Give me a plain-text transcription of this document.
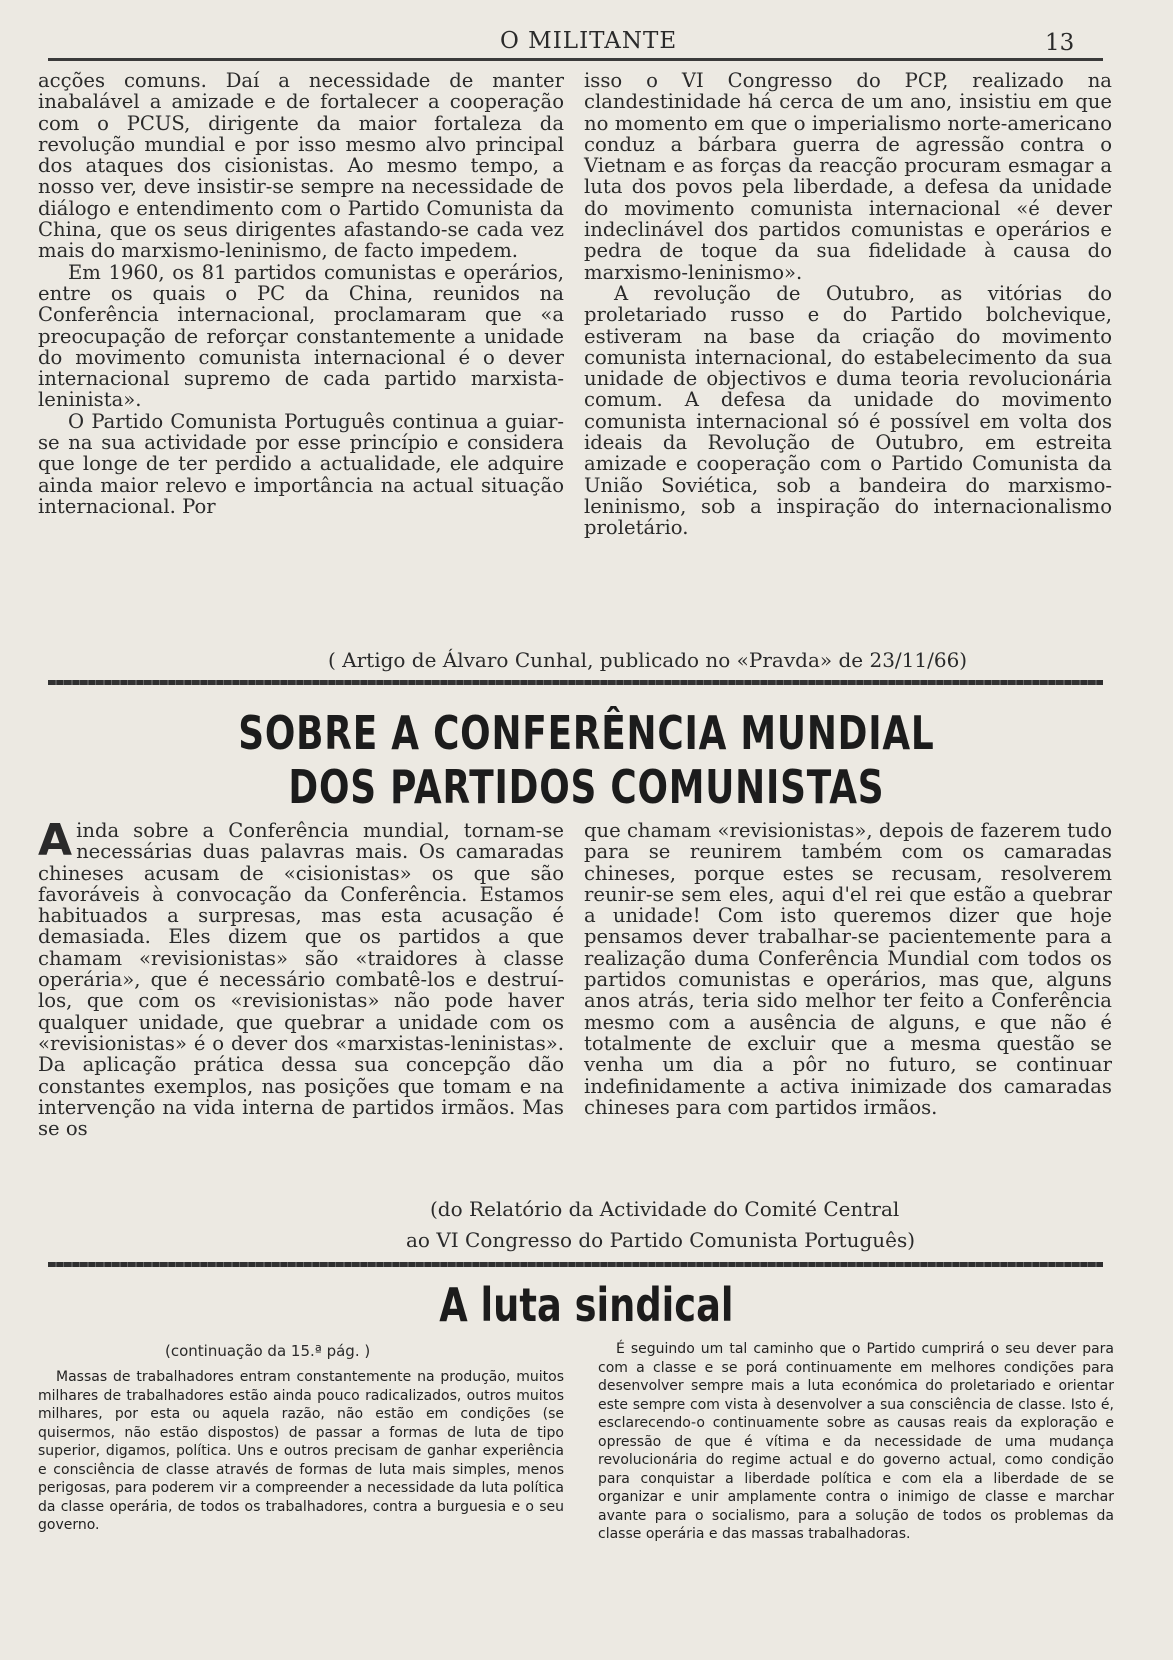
O MILITANTE	13

acções comuns. Daí a necessidade de manter inabalável a amizade e de fortalecer a cooperação com o PCUS, dirigente da maior fortaleza da revolução mundial e por isso mesmo alvo principal dos ataques dos cisionistas. Ao mesmo tempo, a nosso ver, deve insistir-se sempre na necessidade de diálogo e entendimento com o Partido Comunista da China, que os seus dirigentes afastando-se cada vez mais do marxismo-leninismo, de facto impedem.

Em 1960, os 81 partidos comunistas e operários, entre os quais o PC da China, reunidos na Conferência internacional, proclamaram que «a preocupação de reforçar constantemente a unidade do movimento comunista internacional é o dever internacional supremo de cada partido marxista-leninista».

O Partido Comunista Português continua a guiar-se na sua actividade por esse princípio e considera que longe de ter perdido a actualidade, ele adquire ainda maior relevo e importância na actual situação internacional. Por

isso o VI Congresso do PCP, realizado na clandestinidade há cerca de um ano, insistiu em que no momento em que o imperialismo norte-americano conduz a bárbara guerra de agressão contra o Vietnam e as forças da reacção procuram esmagar a luta dos povos pela liberdade, a defesa da unidade do movimento comunista internacional «é dever indeclinável dos partidos comunistas e operários e pedra de toque da sua fidelidade à causa do marxismo-leninismo».

A revolução de Outubro, as vitórias do proletariado russo e do Partido bolchevique, estiveram na base da criação do movimento comunista internacional, do estabelecimento da sua unidade de objectivos e duma teoria revolucionária comum. A defesa da unidade do movimento comunista internacional só é possível em volta dos ideais da Revolução de Outubro, em estreita amizade e cooperação com o Partido Comunista da União Soviética, sob a bandeira do marxismo-leninismo, sob a inspiração do internacionalismo proletário.

( Artigo de Álvaro Cunhal, publicado no «Pravda» de 23/11/66)
SOBRE A CONFERÊNCIA MUNDIAL
DOS PARTIDOS COMUNISTAS

Ainda sobre a Conferência mundial, tornam-se necessárias duas palavras mais. Os camaradas chineses acusam de «cisionistas» os que são favoráveis à convocação da Conferência. Estamos habituados a surpresas, mas esta acusação é demasiada. Eles dizem que os partidos a que chamam «revisionistas» são «traidores à classe operária», que é necessário combatê-los e destruí-los, que com os «revisionistas» não pode haver qualquer unidade, que quebrar a unidade com os «revisionistas» é o dever dos «marxistas-leninistas». Da aplicação prática dessa sua concepção dão constantes exemplos, nas posições que tomam e na intervenção na vida interna de partidos irmãos. Mas se os

que chamam «revisionistas», depois de fazerem tudo para se reunirem também com os camaradas chineses, porque estes se recusam, resolverem reunir-se sem eles, aqui d'el rei que estão a quebrar a unidade! Com isto queremos dizer que hoje pensamos dever trabalhar-se pacientemente para a realização duma Conferência Mundial com todos os partidos comunistas e operários, mas que, alguns anos atrás, teria sido melhor ter feito a Conferência mesmo com a ausência de alguns, e que não é totalmente de excluir que a mesma questão se venha um dia a pôr no futuro, se continuar indefinidamente a activa inimizade dos camaradas chineses para com partidos irmãos.

(do Relatório da Actividade do Comité Central
ao VI Congresso do Partido Comunista Português)
A luta sindical
(continuação da 15.ª pág. )

Massas de trabalhadores entram constantemente na produção, muitos milhares de trabalhadores estão ainda pouco radicalizados, outros muitos milhares, por esta ou aquela razão, não estão em condições (se quisermos, não estão dispostos) de passar a formas de luta de tipo superior, digamos, política. Uns e outros precisam de ganhar experiência e consciência de classe através de formas de luta mais simples, menos perigosas, para poderem vir a compreender a necessidade da luta política da classe operária, de todos os trabalhadores, contra a burguesia e o seu governo.

É seguindo um tal caminho que o Partido cumprirá o seu dever para com a classe e se porá continuamente em melhores condições para desenvolver sempre mais a luta económica do proletariado e orientar este sempre com vista à desenvolver a sua consciência de classe. Isto é, esclarecendo-o continuamente sobre as causas reais da exploração e opressão de que é vítima e da necessidade de uma mudança revolucionária do regime actual e do governo actual, como condição para conquistar a liberdade política e com ela a liberdade de se organizar e unir amplamente contra o inimigo de classe e marchar avante para o socialismo, para a solução de todos os problemas da classe operária e das massas trabalhadoras.
